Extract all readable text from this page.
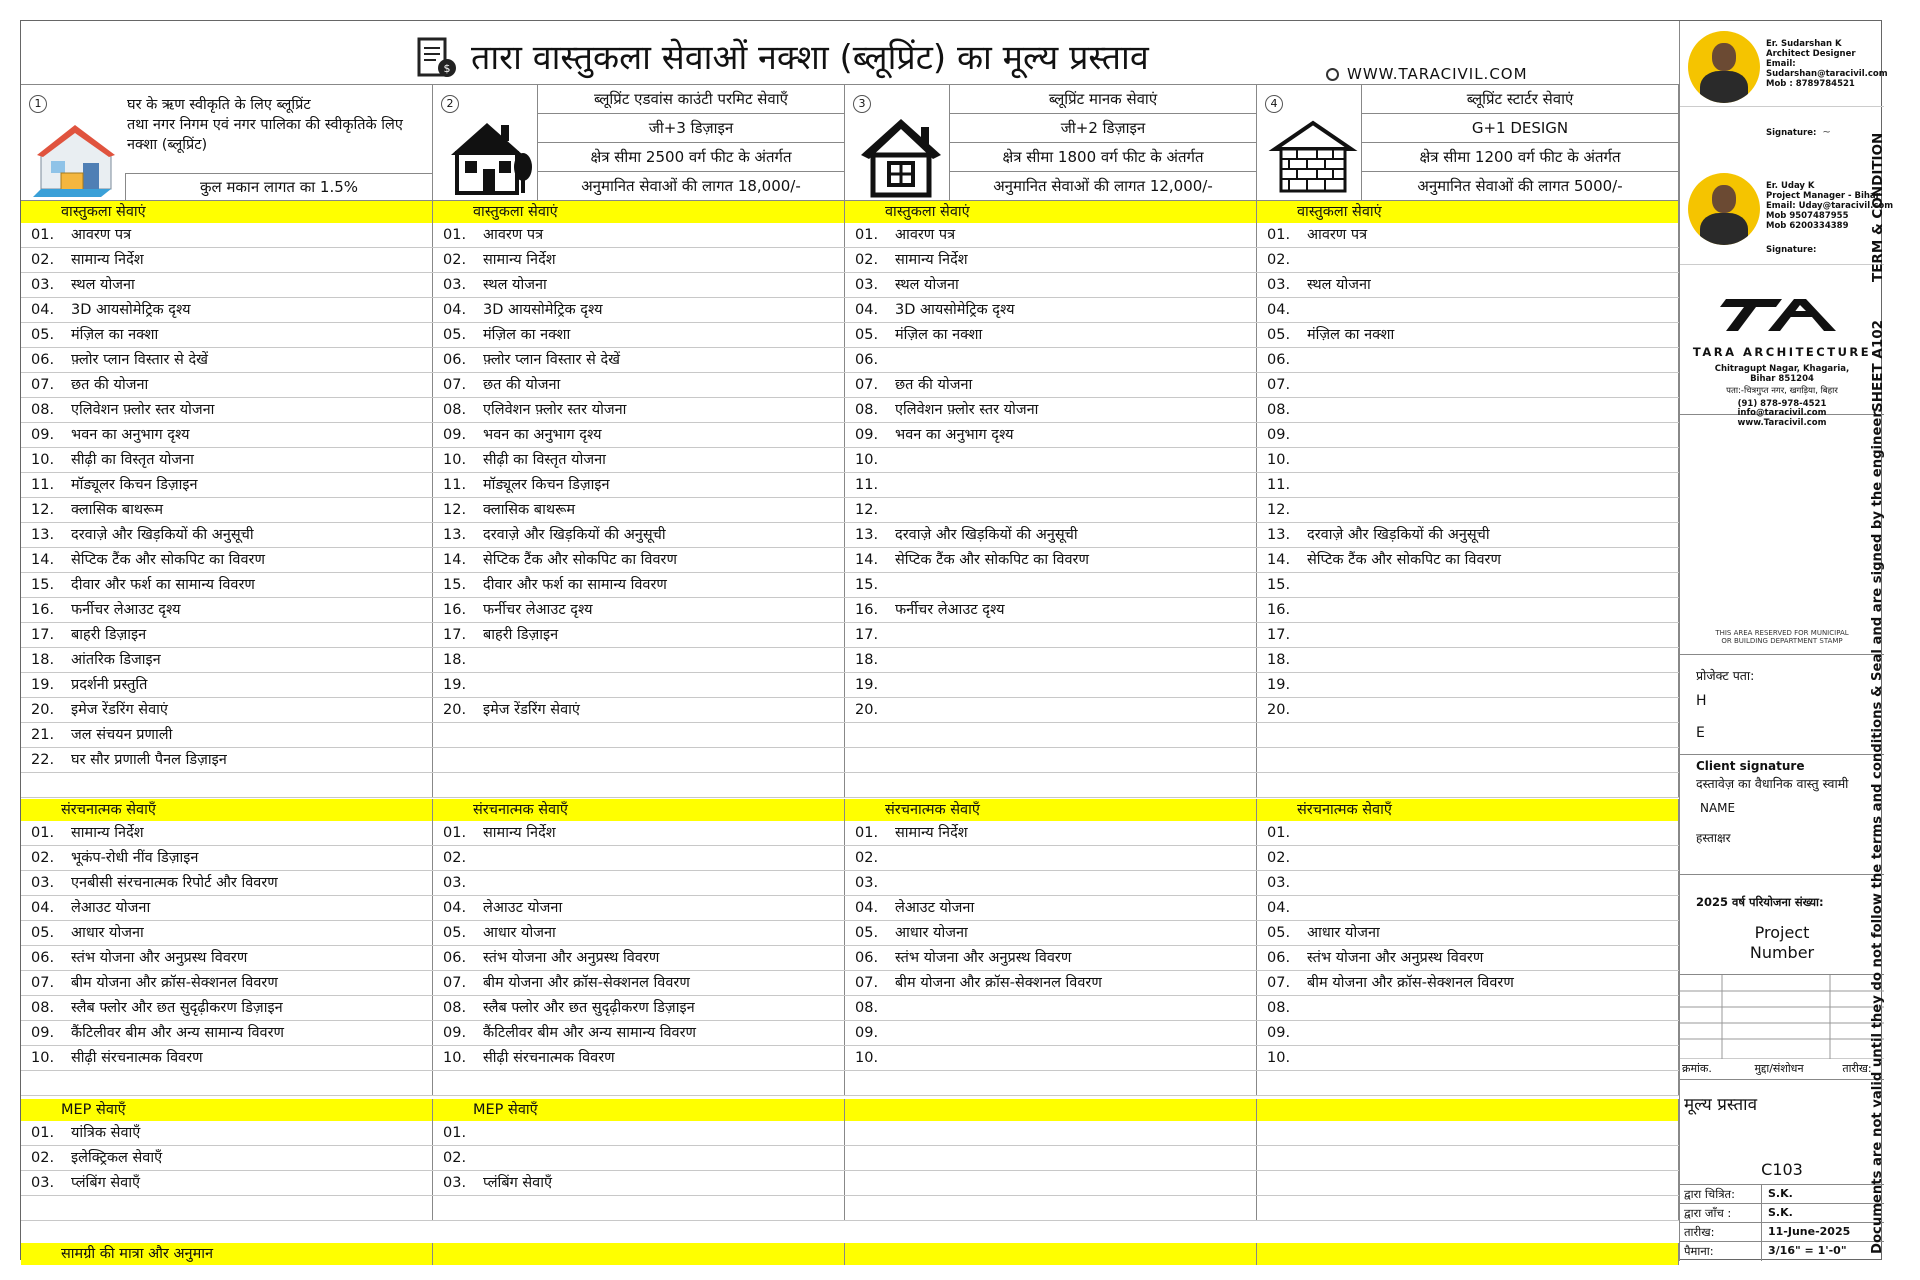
$ तारा वास्तुकला सेवाओं नक्शा (ब्लूप्रिंट) का मूल्य प्रस्ताव	WWW.TARACIVIL.COM
1	घर के ऋण स्वीकृति के लिए ब्लूप्रिंट
तथा नगर निगम एवं नगर पालिका की स्वीकृतिके लिए
नक्शा (ब्लूप्रिंट)
कुल मकान लागत का 1.5%
2	ब्लूप्रिंट एडवांस काउंटी परमिट सेवाएँ
जी+3 डिज़ाइन
क्षेत्र सीमा 2500 वर्ग फीट के अंतर्गत
अनुमानित सेवाओं की लागत 18,000/-
3	ब्लूप्रिंट मानक सेवाएं
जी+2 डिज़ाइन
क्षेत्र सीमा 1800 वर्ग फीट के अंतर्गत
अनुमानित सेवाओं की लागत 12,000/-
4	ब्लूप्रिंट स्टार्टर सेवाएं
G+1 DESIGN
क्षेत्र सीमा 1200 वर्ग फीट के अंतर्गत
अनुमानित सेवाओं की लागत 5000/-
वास्तुकला सेवाएं	वास्तुकला सेवाएं	वास्तुकला सेवाएं	वास्तुकला सेवाएं
01. आवरण पत्र	01. आवरण पत्र	01. आवरण पत्र	01. आवरण पत्र
02. सामान्य निर्देश	02. सामान्य निर्देश	02. सामान्य निर्देश	02.
03. स्थल योजना	03. स्थल योजना	03. स्थल योजना	03. स्थल योजना
04. 3D आयसोमेट्रिक दृश्य	04. 3D आयसोमेट्रिक दृश्य	04. 3D आयसोमेट्रिक दृश्य	04.
05. मंज़िल का नक्शा	05. मंज़िल का नक्शा	05. मंज़िल का नक्शा	05. मंज़िल का नक्शा
06. फ़्लोर प्लान विस्तार से देखें	06. फ़्लोर प्लान विस्तार से देखें	06.	06.
07. छत की योजना	07. छत की योजना	07. छत की योजना	07.
08. एलिवेशन फ़्लोर स्तर योजना	08. एलिवेशन फ़्लोर स्तर योजना	08. एलिवेशन फ़्लोर स्तर योजना	08.
09. भवन का अनुभाग दृश्य	09. भवन का अनुभाग दृश्य	09. भवन का अनुभाग दृश्य	09.
10. सीढ़ी का विस्तृत योजना	10. सीढ़ी का विस्तृत योजना	10.	10.
11. मॉड्यूलर किचन डिज़ाइन	11. मॉड्यूलर किचन डिज़ाइन	11.	11.
12. क्लासिक बाथरूम	12. क्लासिक बाथरूम	12.	12.
13. दरवाज़े और खिड़कियों की अनुसूची	13. दरवाज़े और खिड़कियों की अनुसूची	13. दरवाज़े और खिड़कियों की अनुसूची	13. दरवाज़े और खिड़कियों की अनुसूची
14. सेप्टिक टैंक और सोकपिट का विवरण	14. सेप्टिक टैंक और सोकपिट का विवरण	14. सेप्टिक टैंक और सोकपिट का विवरण	14. सेप्टिक टैंक और सोकपिट का विवरण
15. दीवार और फर्श का सामान्य विवरण	15. दीवार और फर्श का सामान्य विवरण	15.	15.
16. फर्नीचर लेआउट दृश्य	16. फर्नीचर लेआउट दृश्य	16. फर्नीचर लेआउट दृश्य	16.
17. बाहरी डिज़ाइन	17. बाहरी डिज़ाइन	17.	17.
18. आंतरिक डिजाइन	18.	18.	18.
19. प्रदर्शनी प्रस्तुति	19.	19.	19.
20. इमेज रेंडरिंग सेवाएं	20. इमेज रेंडरिंग सेवाएं	20.	20.
21. जल संचयन प्रणाली
22. घर सौर प्रणाली पैनल डिज़ाइन
संरचनात्मक सेवाएँ	संरचनात्मक सेवाएँ	संरचनात्मक सेवाएँ	संरचनात्मक सेवाएँ
01. सामान्य निर्देश	01. सामान्य निर्देश	01. सामान्य निर्देश	01.
02. भूकंप-रोधी नींव डिज़ाइन	02.	02.	02.
03. एनबीसी संरचनात्मक रिपोर्ट और विवरण	03.	03.	03.
04. लेआउट योजना	04. लेआउट योजना	04. लेआउट योजना	04.
05. आधार योजना	05. आधार योजना	05. आधार योजना	05. आधार योजना
06. स्तंभ योजना और अनुप्रस्थ विवरण	06. स्तंभ योजना और अनुप्रस्थ विवरण	06. स्तंभ योजना और अनुप्रस्थ विवरण	06. स्तंभ योजना और अनुप्रस्थ विवरण
07. बीम योजना और क्रॉस-सेक्शनल विवरण	07. बीम योजना और क्रॉस-सेक्शनल विवरण	07. बीम योजना और क्रॉस-सेक्शनल विवरण	07. बीम योजना और क्रॉस-सेक्शनल विवरण
08. स्लैब फ्लोर और छत सुदृढ़ीकरण डिज़ाइन	08. स्लैब फ्लोर और छत सुदृढ़ीकरण डिज़ाइन	08.	08.
09. कैंटिलीवर बीम और अन्य सामान्य विवरण	09. कैंटिलीवर बीम और अन्य सामान्य विवरण	09.	09.
10. सीढ़ी संरचनात्मक विवरण	10. सीढ़ी संरचनात्मक विवरण	10.	10.
MEP सेवाएँ	MEP सेवाएँ
01. यांत्रिक सेवाएँ	01.
02. इलेक्ट्रिकल सेवाएँ	02.
03. प्लंबिंग सेवाएँ	03. प्लंबिंग सेवाएँ
सामग्री की मात्रा और अनुमान
Er. Sudarshan K
Architect Designer
Email:
Sudarshan@taracivil.com
Mob : 8789784521
Signature: ~
Er. Uday K
Project Manager - Bihar
Email: Uday@taracivil.com
Mob 9507487955
Mob 6200334389
Signature:
TARA ARCHITECTURE
Chitragupt Nagar, Khagaria,
Bihar 851204
पता:-चित्रगुप्त नगर, खगड़िया, बिहार
(91) 878-978-4521
info@taracivil.com
www.Taracivil.com
THIS AREA RESERVED FOR MUNICIPAL OR BUILDING DEPARTMENT STAMP
प्रोजेक्ट पता:
H
E
Client signature
दस्तावेज़ का वैधानिक वास्तु स्वामी
NAME
हस्ताक्षर
2025 वर्ष परियोजना संख्या:
Project
Number
क्रमांक.	मुद्दा/संशोधन	तारीख:
मूल्य प्रस्ताव
C103
द्वारा चित्रित:	S.K.
द्वारा जाँच :	S.K.
तारीख:	11-June-2025
पैमाना:	3/16" = 1'-0"
TERM & CONDITION
SHEET A102
Documents are not valid until they do not follow the terms and conditions & Seal and are signed by the engineer.
